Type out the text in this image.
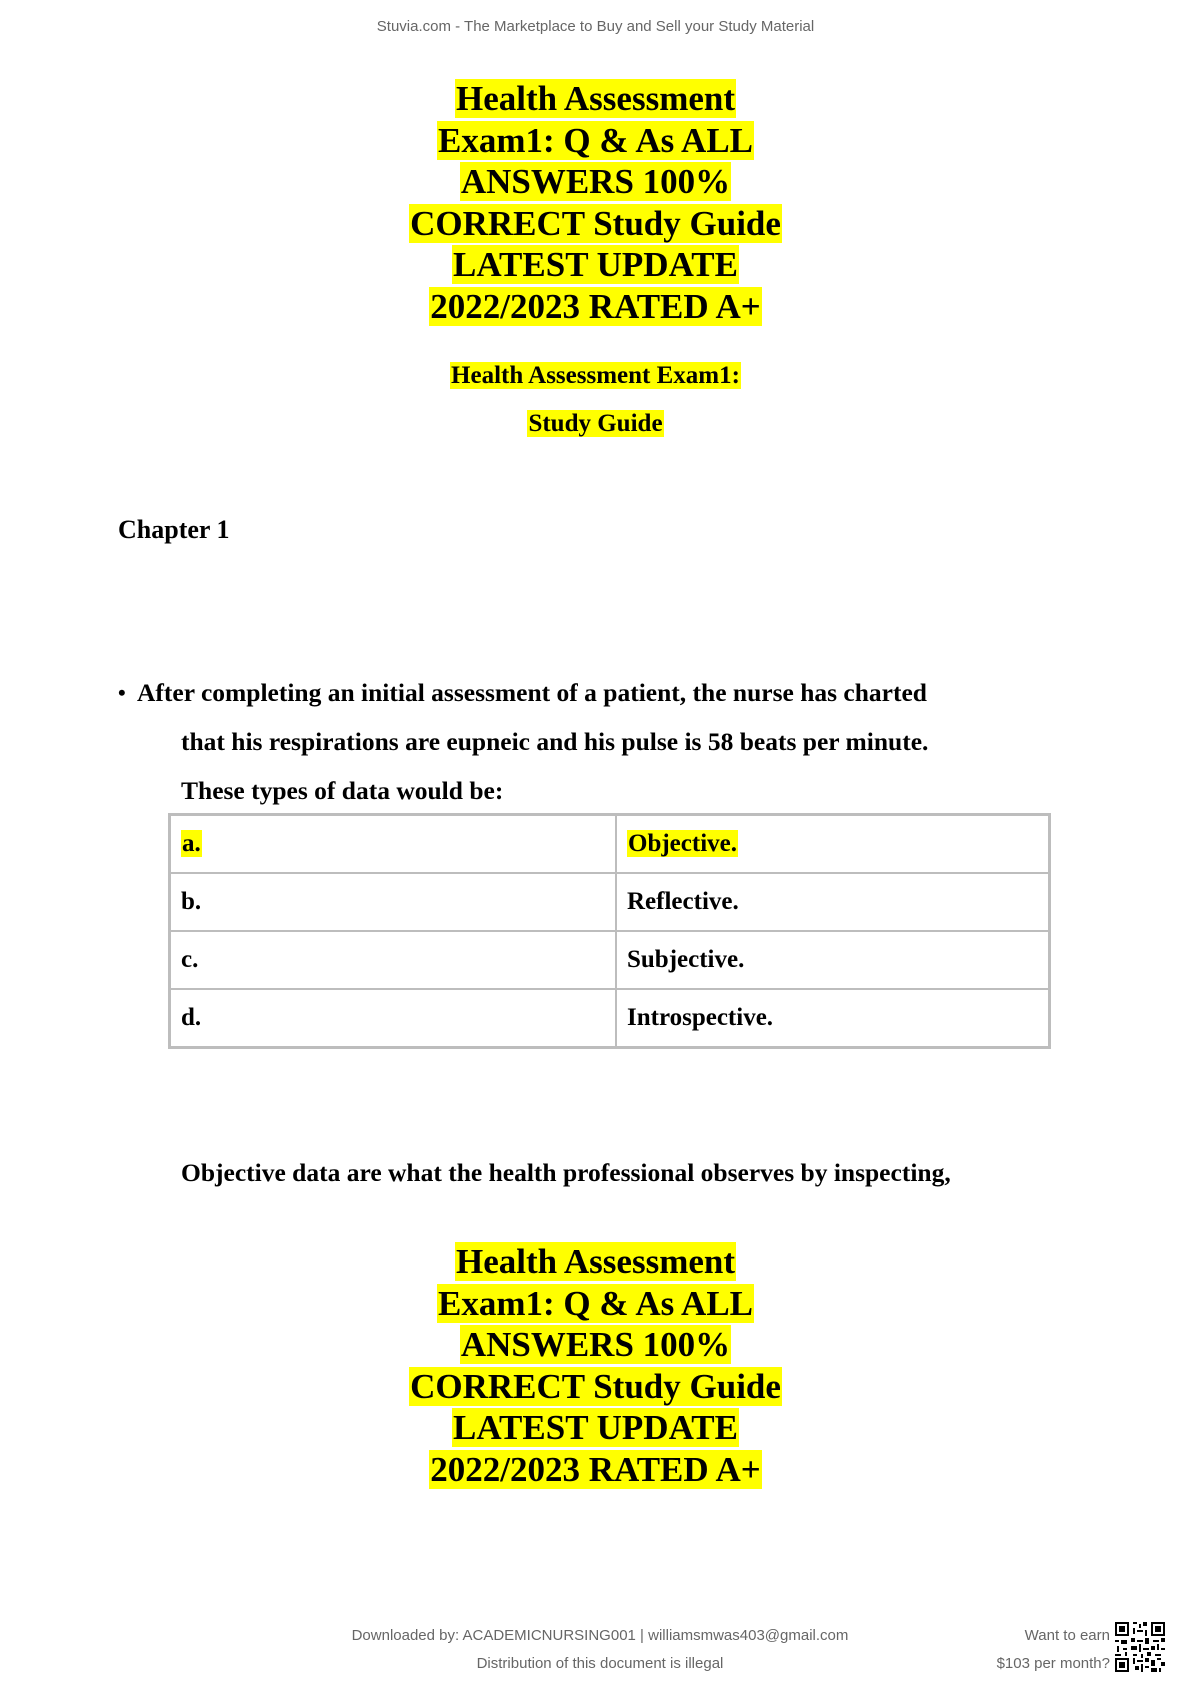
Stuvia.com - The Marketplace to Buy and Sell your Study Material
Health Assessment
Exam1: Q & As ALL
ANSWERS 100%
CORRECT Study Guide
LATEST UPDATE
2022/2023 RATED A+
Health Assessment Exam1:
Study Guide
Chapter 1
• After completing an initial assessment of a patient, the nurse has charted
that his respirations are eupneic and his pulse is 58 beats per minute.
These types of data would be:
a.	Objective.
b.	Reflective.
c.	Subjective.
d.	Introspective.
Objective data are what the health professional observes by inspecting,
Health Assessment
Exam1: Q & As ALL
ANSWERS 100%
CORRECT Study Guide
LATEST UPDATE
2022/2023 RATED A+
Downloaded by: ACADEMICNURSING001 | williamsmwas403@gmail.com
Distribution of this document is illegal
Want to earn
$103 per month?
